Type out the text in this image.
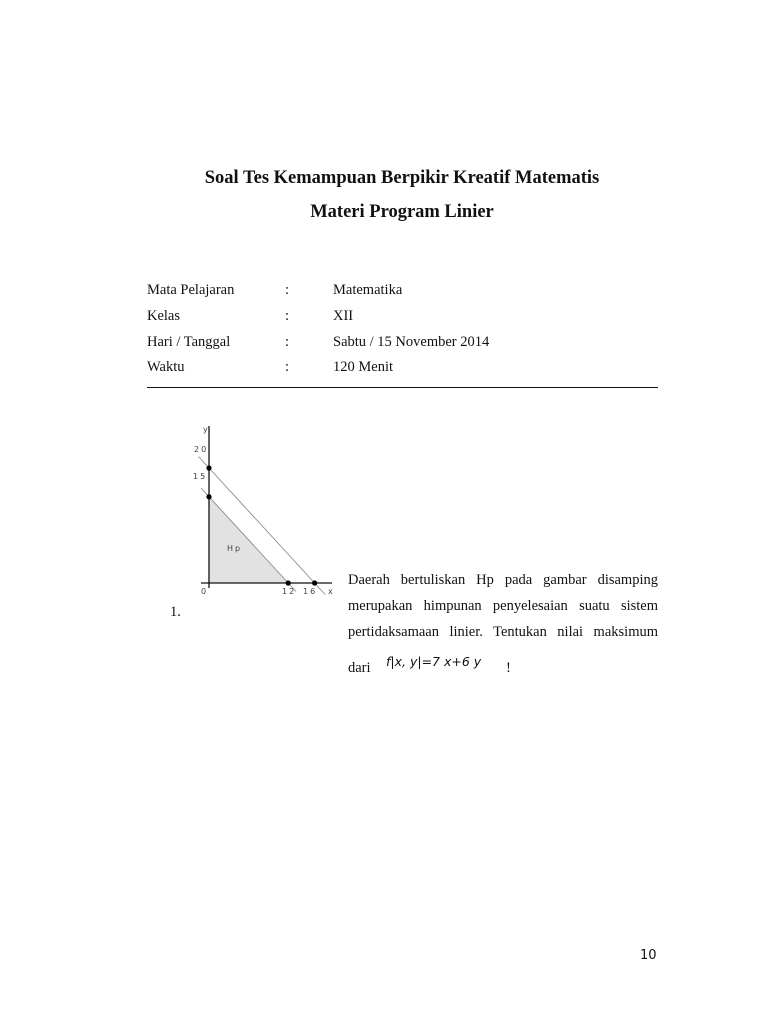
Soal Tes Kemampuan Berpikir Kreatif Matematis
Materi Program Linier
Mata Pelajaran	:	Matematika
Kelas	:	XII
Hari / Tanggal	:	Sabtu / 15 November 2014
Waktu	:	120 Menit
y
x
Hp
20
15
0	12 16
1.
Daerah bertuliskan Hp pada gambar disamping merupakan himpunan penyelesaian suatu sistem pertidaksamaan linier. Tentukan nilai maksimum
dari f|x, y|=7 x+6 y !
10
